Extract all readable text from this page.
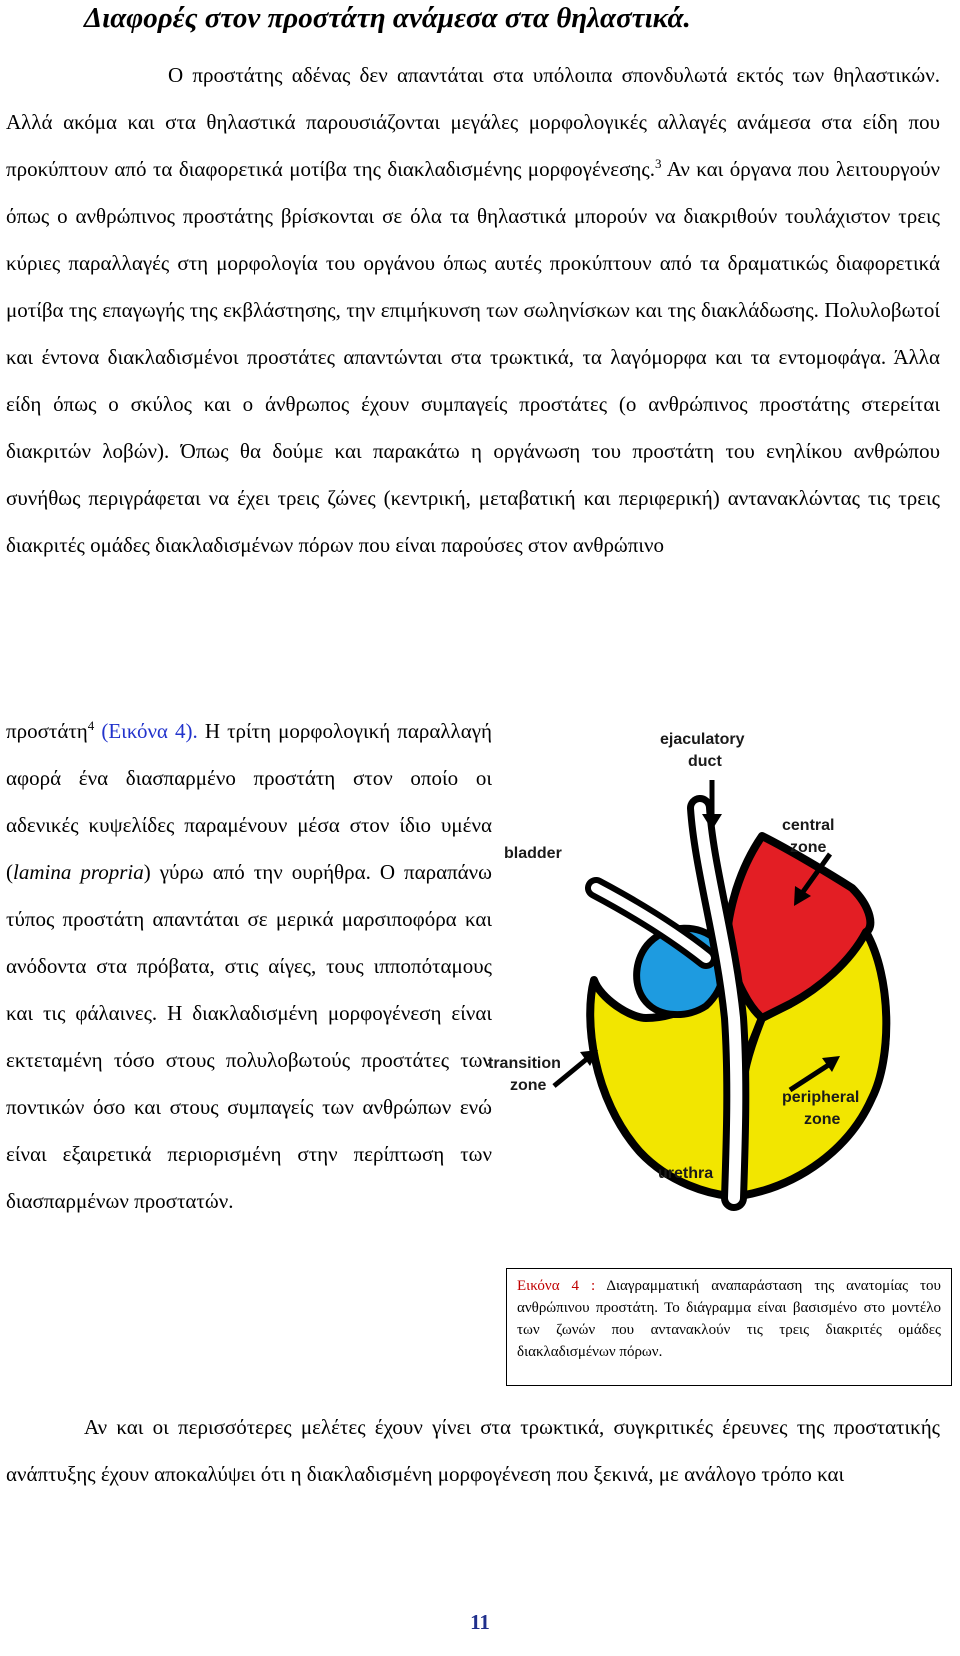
Διαφορές στον προστάτη ανάμεσα στα θηλαστικά.

Ο προστάτης αδένας δεν απαντάται στα υπόλοιπα σπονδυλωτά εκτός των θηλαστικών. Αλλά ακόμα και στα θηλαστικά παρουσιάζονται μεγάλες μορφολογικές αλλαγές ανάμεσα στα είδη που προκύπτουν από τα διαφορετικά μοτίβα της διακλαδισμένης μορφογένεσης.$^3$ Αν και όργανα που λειτουργούν όπως ο ανθρώπινος προστάτης βρίσκονται σε όλα τα θηλαστικά μπορούν να διακριθούν τουλάχιστον τρεις κύριες παραλλαγές στη μορφολογία του οργάνου όπως αυτές προκύπτουν από τα δραματικώς διαφορετικά μοτίβα της επαγωγής της εκβλάστησης, την επιμήκυνση των σωληνίσκων και της διακλάδωσης. Πολυλοβωτοί και έντονα διακλαδισμένοι προστάτες απαντώνται στα τρωκτικά, τα λαγόμορφα και τα εντομοφάγα. Άλλα είδη όπως ο σκύλος και ο άνθρωπος έχουν συμπαγείς προστάτες (ο ανθρώπινος προστάτης στερείται διακριτών λοβών). Όπως θα δούμε και παρακάτω η οργάνωση του προστάτη του ενηλίκου ανθρώπου συνήθως περιγράφεται να έχει τρεις ζώνες (κεντρική, μεταβατική και περιφερική) αντανακλώντας τις τρεις διακριτές ομάδες διακλαδισμένων πόρων που είναι παρούσες στον ανθρώπινο

προστάτη$^4$ (Εικόνα 4). Η τρίτη μορφολογική παραλλαγή αφορά ένα διασπαρμένο προστάτη στον οποίο οι αδενικές κυψελίδες παραμένουν μέσα στον ίδιο υμένα (lamina propria) γύρω από την ουρήθρα. Ο παραπάνω τύπος προστάτη απαντάται σε μερικά μαρσιποφόρα και ανόδοντα στα πρόβατα, στις αίγες, τους ιπποπόταμους και τις φάλαινες. Η διακλαδισμένη μορφογένεση είναι εκτεταμένη τόσο στους πολυλοβωτούς προστάτες των ποντικών όσο και στους συμπαγείς των ανθρώπων ενώ είναι εξαιρετικά περιορισμένη στην περίπτωση των διασπαρμένων προστατών.

ejaculatory
duct
bladder
central
zone
transition
zone
peripheral
zone
urethra
Εικόνα 4 : Διαγραμματική αναπαράσταση της ανατομίας του ανθρώπινου προστάτη. Το διάγραμμα είναι βασισμένο στο μοντέλο των ζωνών που αντανακλούν τις τρεις διακριτές ομάδες διακλαδισμένων πόρων.

Αν και οι περισσότερες μελέτες έχουν γίνει στα τρωκτικά, συγκριτικές έρευνες της προστατικής ανάπτυξης έχουν αποκαλύψει ότι η διακλαδισμένη μορφογένεση που ξεκινά, με ανάλογο τρόπο και

11
